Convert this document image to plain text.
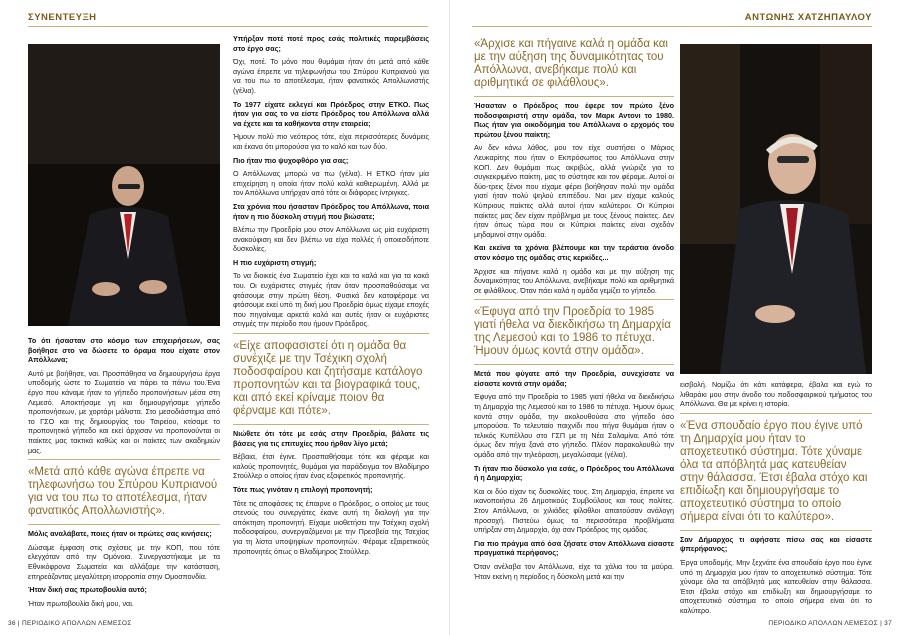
ΣΥΝΕΝΤΕΥΞΗ

Το ότι ήσασταν στο κόσμο των επιχειρήσεων, σας βοήθησε στο να δώσετε το όραμα που είχατε στον Απόλλωνα;

Αυτό με βοήθησε, ναι. Προσπάθησα να δημιουργήσω έργα υποδομής ώστε το Σωματείο να πάρει τα πάνω του.Ένα έργο που κάναμε ήταν το γήπεδο προπονήσεων μέσα στη Λεμεσό. Αποκτήσαμε γη και δημιουργήσαμε γήπεδο προπονήσεων, με χορτάρι μάλιστα. Στο μεσοδιάστημα από το ΓΣΟ και της δημιουργίας του Τσιρείου, κτίσαμε το προπονητικό γήπεδο και εκεί άρχισαν να προπονούνται οι παίκτες μας τακτικά καθώς και οι παίκτες των ακαδημιών μας.

«Μετά από κάθε αγώνα έπρεπε να τηλεφωνήσω του Σπύρου Κυπριανού για να του πω το αποτέλεσμα, ήταν φανατικός Απολλωνιστής».

Μόλις αναλάβατε, ποιες ήταν οι πρώτες σας κινήσεις;

Δώσαμε έμφαση στις σχέσεις με την ΚΟΠ, που τότε ελεγχόταν από την Ομόνοια. Συνεργαστήκαμε με τα Εθνικόφρονα Σωματεία και αλλάξαμε την κατάσταση, επηρεάζοντας μεγαλύτερη ισορροπία στην Ομοσπονδία.

Ήταν δική σας πρωτοβουλία αυτό;

Ήταν πρωτοβουλία δική μου, ναι.

Υπήρξαν ποτέ ποτέ προς εσάς πολιτικές παρεμβάσεις στο έργο σας;

Όχι, ποτέ. Το μόνο που θυμάμαι ήταν ότι μετά από κάθε αγώνα έπρεπε να τηλεφωνήσω του Σπύρου Κυπριανού για να του πω το αποτέλεσμα, ήταν φανατικός Απολλωνιστής (γέλια).

Το 1977 είχατε εκλεγεί και Πρόεδρος στην ΕΤΚΟ. Πως ήταν για σας το να είστε Πρόεδρος του Απόλλωνα αλλά να έχετε και τα καθήκοντα στην εταιρεία;

Ήμουν πολύ πιο νεότερος τότε, είχα περισσότερες δυνάμεις και έκανα ότι μπορούσα για το καλό και των δύο.

Πιο ήταν πιο ψυχοφθόρο για σας;

Ο Απόλλωνας μπορώ να πω (γέλια). Η ΕΤΚΟ ήταν μία επιχείρηση η οποία ήταν πολύ καλά καθιερωμένη. Αλλά με τον Απόλλωνα υπήρχαν από τότε οι διάφορες ίντριγκες.

Στα χρόνια που ήσασταν Πρόεδρος του Απόλλωνα, ποια ήταν η πιο δύσκολη στιγμή που βιώσατε;

Βλέπω την Προεδρία μου στον Απόλλωνα ως μία ευχάριστη ανακούφιση και δεν βλέπω να είχα πολλές ή οποιεσδήποτε δυσκολίες.

Η πιο ευχάριστη στιγμή;

Το να διοικείς ένα Σωματείο έχει και τα καλά και για τα κακά του. Οι ευχάριστες στιγμές ήταν όταν προσπαθούσαμε να φτάσουμε στην πρώτη θέση. Φυσικά δεν καταφέραμε να φτάσουμε εκεί υπό τη δική μου Προεδρία όμως είχαμε εποχές που πηγαίναμε αρκετά καλά και αυτές ήταν οι ευχάριστες στιγμές την περίοδο που ήμουν Πρόεδρος.

«Είχε αποφασιστεί ότι η ομάδα θα συνέχιζε με την Τσέχικη σχολή ποδοσφαίρου και ζητήσαμε κατάλογο προπονητών και τα βιογραφικά τους, και από εκεί κρίναμε ποιον θα φέρναμε και πότε».

Νιώθετε ότι τότε με εσάς στην Προεδρία, βάλατε τις βάσεις για τις επιτυχίες που ήρθαν λίγο μετά;

Βέβαια, έτσι έγινε. Προσπαθήσαμε τότε και φέραμε και καλούς προπονητές, θυμάμαι για παράδειγμα τον Βλαδίμηρο Στούλλερ ο οποίος ήταν ένας εξαιρετικός προπονητής.

Τότε πως γινόταν η επιλογή προπονητή;

Τότε τις αποφάσεις τις έπαιρνε ο Πρόεδρος, ο οποίος με τους στενούς του συνεργάτες έκανε αυτή τη διαλογή για την απόκτηση προπονητή. Είχαμε υιοθετήσει την Τσέχικη σχολή ποδοσφαίρου, συνεργαζόμενοι με την Πρεσβεία της Τσεχίας για τη λίστα υποψηφίων προπονητών. Φέραμε εξαιρετικούς προπονητές όπως ο Βλαδίμηρος Στούλλερ.

36 | ΠΕΡΙΟΔΙΚΟ ΑΠΟΛΛΩΝ ΛΕΜΕΣΟΣ
ΑΝΤΩΝΗΣ ΧΑΤΖΗΠΑΥΛΟΥ
«Άρχισε και πήγαινε καλά η ομάδα και με την αύξηση της δυναμικότητας του Απόλλωνα, ανεβήκαμε πολύ και αριθμητικά σε φιλάθλους».

Ήσασταν ο Πρόεδρος που έφερε τον πρώτο ξένο ποδοσφαιριστή στην ομάδα, τον Μαρκ Αντονι το 1980. Πως ήταν για οικοδόμημα του Απόλλωνα ο ερχομός του πρώτου ξένου παίκτη;

Αν δεν κάνω λάθος, μου τον είχε συστήσει ο Μάριος Λευκαρίτης που ήταν ο Εκπρόσωπος του Απόλλωνα στην ΚΟΠ. Δεν θυμάμαι πως ακριβώς, αλλά γνώριζε για το συγκεκριμένο παίκτη, μας το σύστησε και τον φέραμε. Αυτοί οι δύο-τρεις ξένοι που είχαμε φέρει βοήθησαν πολύ την ομάδα γιατί ήταν πολύ ψηλού επιπέδου. Ναι μεν είχαμε καλούς Κύπριους παίκτες αλλά αυτοί ήταν καλύτεροι. Οι Κύπριοι παίκτες μας δεν είχαν πρόβλημα με τους ξένους παίκτες. Δεν ήταν όπως τώρα που οι Κύπριοι παίκτες είναι σχεδόν μηδαμινοί στην ομάδα.

Και εκείνα τα χρόνια βλέπουμε και την τεράστια άνοδο στον κόσμο της ομάδας στις κερκίδες...

Άρχισε και πήγαινε καλά η ομάδα και με την αύξηση της δυναμικότητας του Απόλλωνα, ανεβήκαμε πολύ και αριθμητικά σε φιλάθλους. Όταν πάει καλά η ομάδα γεμίζει το γήπεδο.

«Έφυγα από την Προεδρία το 1985 γιατί ήθελα να διεκδικήσω τη Δημαρχία της Λεμεσού και το 1986 το πέτυχα. Ήμουν όμως κοντά στην ομάδα».

Μετά που φύγατε από την Προεδρία, συνεχίσατε να είσαστε κοντά στην ομάδα;

Έφυγα από την Προεδρία το 1985 γιατί ήθελα να διεκδικήσω τη Δημαρχία της Λεμεσού και το 1986 το πέτυχα. Ήμουν όμως κοντά στην ομάδα, την ακολουθούσα στο γήπεδο όσο μπορούσα. Το τελευταίο παιχνίδι που πήγα θυμάμαι ήταν ο τελικός Κυπέλλου στο ΓΣΠ με τη Νέα Σαλαμίνα. Από τότε όμως δεν πήγα ξανά στο γήπεδο. Πλέον παρακολουθώ την ομάδα από την τηλεόραση, μεγαλώσαμε (γέλια).

Τι ήταν πιο δύσκολο για εσάς, ο Πρόεδρος του Απόλλωνα ή η Δημαρχία;

Και οι δύο είχαν τις δυσκολίες τους. Στη Δημαρχία, έπρεπε να ικανοποιήσω 26 Δημοτικούς Συμβούλους και τους πολίτες. Στον Απόλλωνα, οι χιλιάδες φίλαθλοι απαιτούσαν ανάλογη προσοχή. Πιστεύω όμως τα περισσότερα προβλήματα υπήρξαν στη Δημαρχία, όχι σαν Πρόεδρος της ομάδας.

Για πιο πράγμα από όσα ζήσατε στον Απόλλωνα είσαστε πραγματικά περήφανος;

Όταν ανέλαβα τον Απόλλωνα, είχε τα χάλια του τα μαύρα. Ήταν εκείνη η περίοδος η δύσκολη μετά και την

εισβολή. Νομίζω ότι κάτι κατάφερα, έβαλα και εγώ το λιθαράκι μου στην άνοδο του ποδοσφαιρικού τμήματος του Απόλλωνα. Θα με κρίνει η ιστορία.

«Ένα σπουδαίο έργο που έγινε υπό τη Δημαρχία μου ήταν το αποχετευτικό σύστημα. Τότε χύναμε όλα τα απόβλητά μας κατευθείαν στην θάλασσα. Έτσι έβαλα στόχο και επιδίωξη και δημιουργήσαμε το αποχετευτικό σύστημα το οποίο σήμερα είναι ότι το καλύτερο».

Σαν Δήμαρχος τι αφήσατε πίσω σας και είσαστε ψπερήφανος;

Έργα υποδομής. Μην ξεχνάτε ένα σπουδαίο έργο που έγινε υπό τη Δημαρχία μου ήταν το αποχετευτικό σύστημα. Τότε χύναμε όλα τα απόβλητά μας κατευθείαν στην θάλασσα. Έτσι έβαλα στόχο και επιδίωξη και δημιουργήσαμε το αποχετευτικό σύστημα το οποίο σήμερα είναι ότι το καλύτερο.

ΠΕΡΙΟΔΙΚΟ ΑΠΟΛΛΩΝ ΛΕΜΕΣΟΣ | 37
